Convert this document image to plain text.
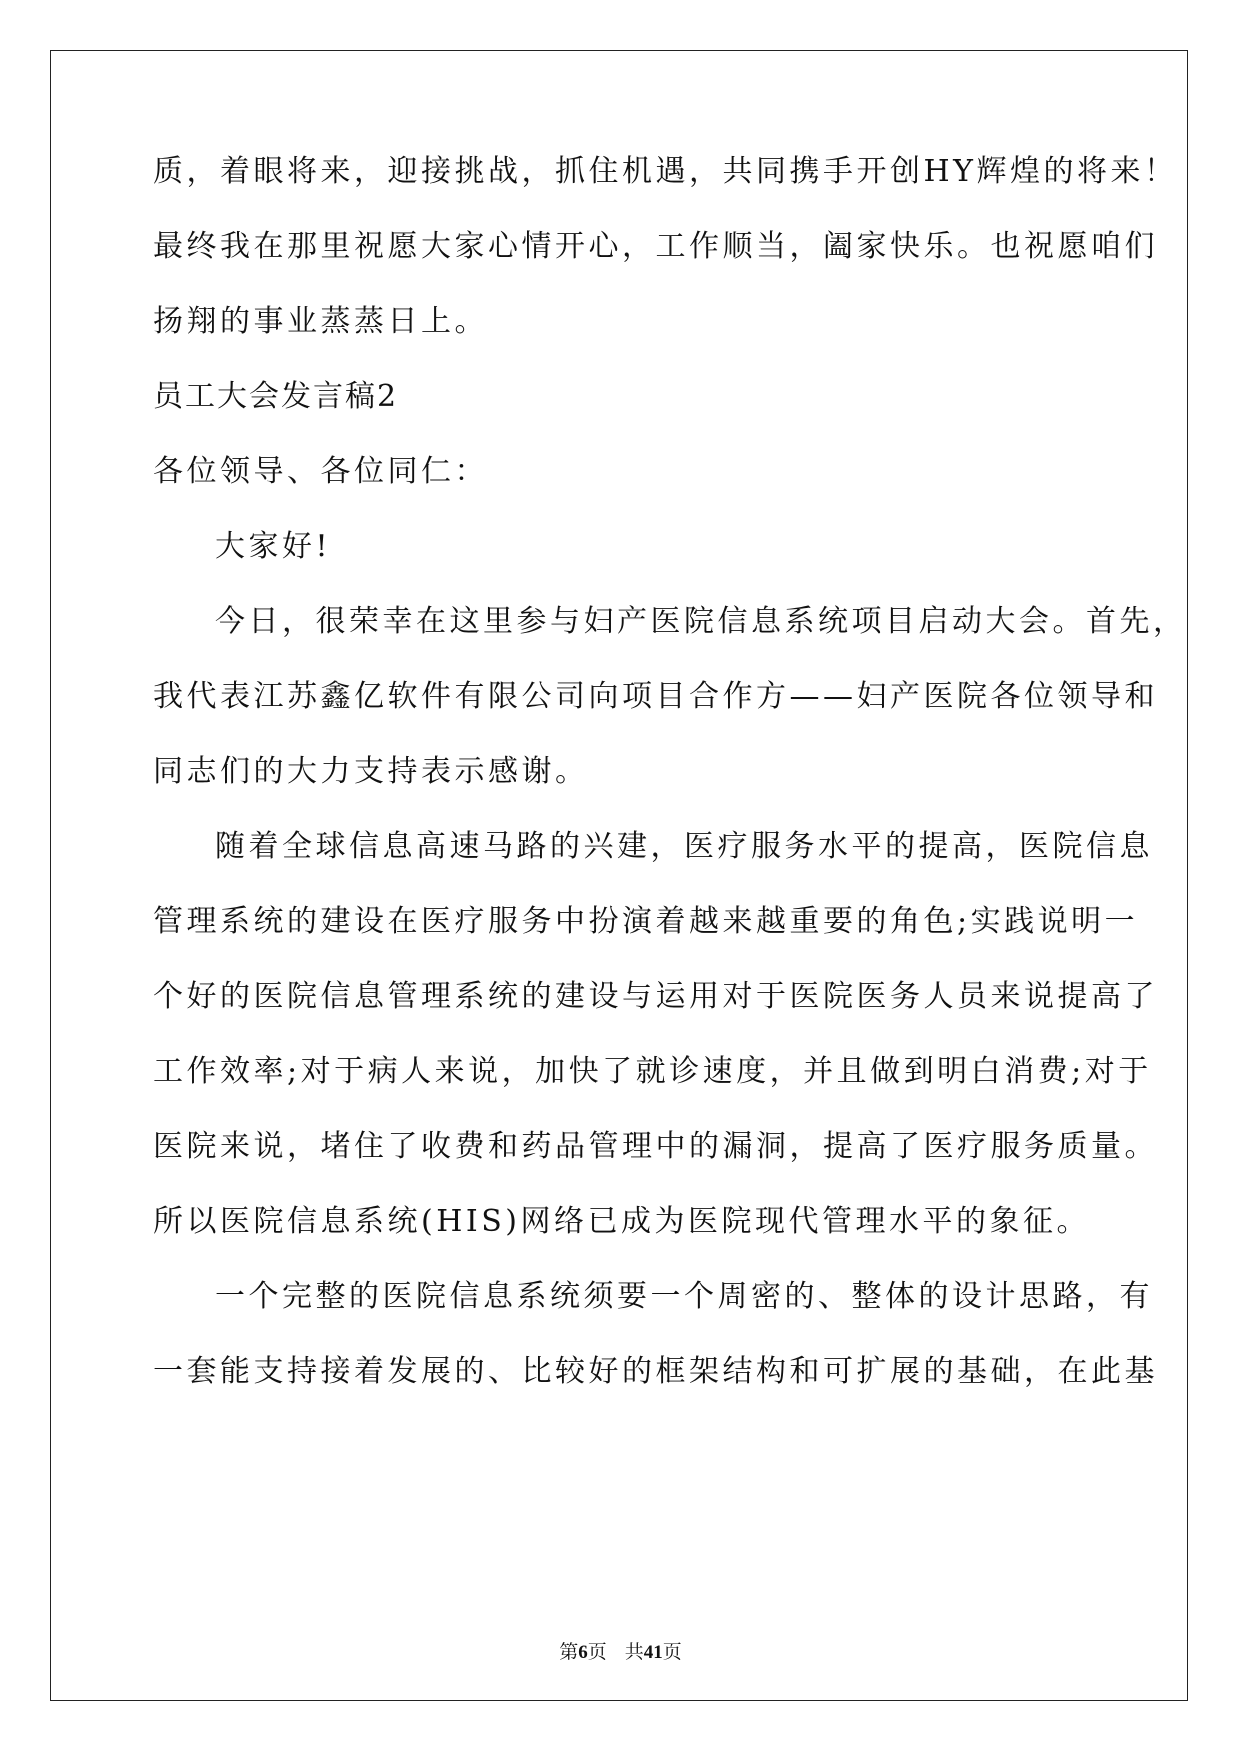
质，着眼将来，迎接挑战，抓住机遇，共同携手开创HY辉煌的将来！
最终我在那里祝愿大家心情开心，工作顺当，阖家快乐。也祝愿咱们
扬翔的事业蒸蒸日上。
员工大会发言稿2
各位领导、各位同仁：
大家好!
今日，很荣幸在这里参与妇产医院信息系统项目启动大会。首先，
我代表江苏鑫亿软件有限公司向项目合作方——妇产医院各位领导和
同志们的大力支持表示感谢。
随着全球信息高速马路的兴建，医疗服务水平的提高，医院信息
管理系统的建设在医疗服务中扮演着越来越重要的角色;实践说明一
个好的医院信息管理系统的建设与运用对于医院医务人员来说提高了
工作效率;对于病人来说，加快了就诊速度，并且做到明白消费;对于
医院来说，堵住了收费和药品管理中的漏洞，提高了医疗服务质量。
所以医院信息系统(HIS)网络已成为医院现代管理水平的象征。
一个完整的医院信息系统须要一个周密的、整体的设计思路，有
一套能支持接着发展的、比较好的框架结构和可扩展的基础，在此基
第6页 共41页
